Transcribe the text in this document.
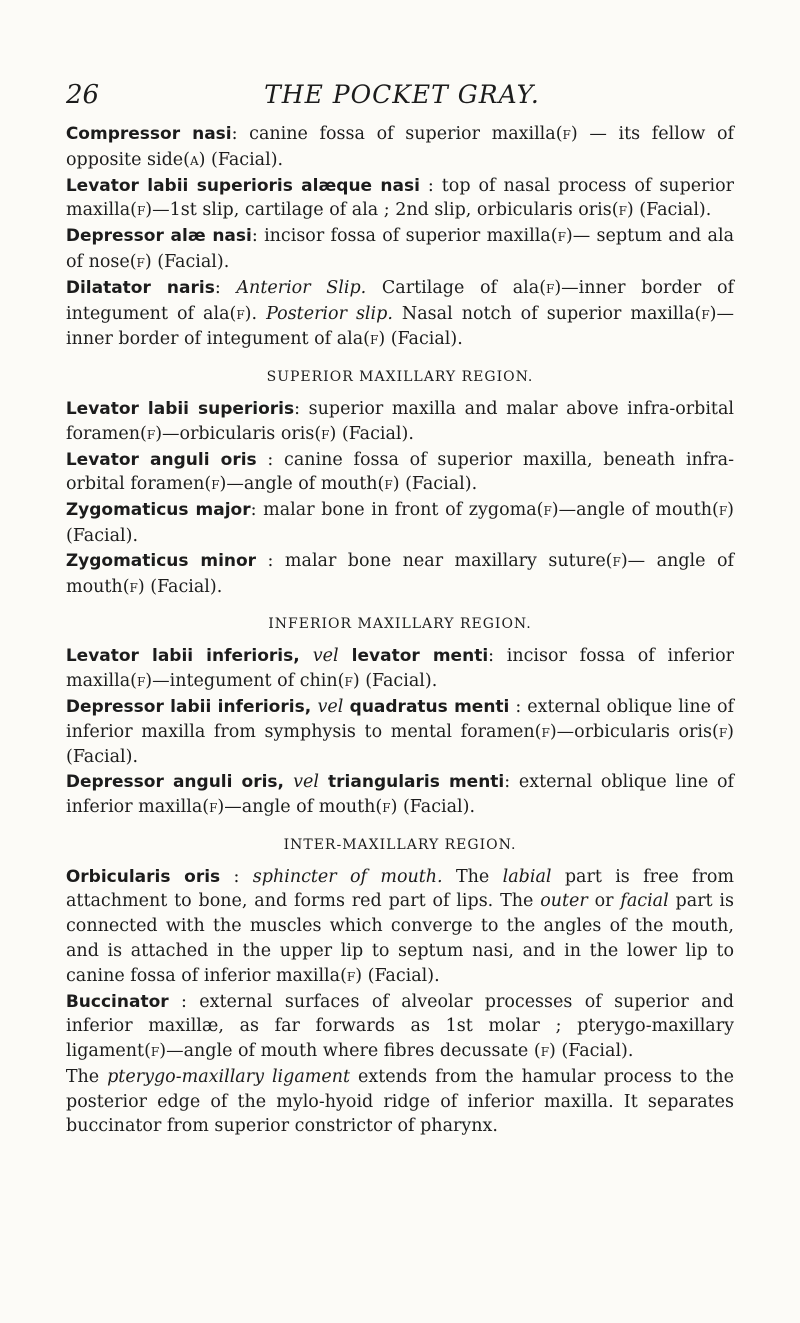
26	THE POCKET GRAY.

Compressor nasi: canine fossa of superior maxilla(F) — its fellow of opposite side(A) (Facial).

Levator labii superioris alæque nasi : top of nasal process of superior maxilla(F)—1st slip, cartilage of ala ; 2nd slip, orbicularis oris(F) (Facial).

Depressor alæ nasi: incisor fossa of superior maxilla(F)— septum and ala of nose(F) (Facial).

Dilatator naris: Anterior Slip. Cartilage of ala(F)—inner border of integument of ala(F). Posterior slip. Nasal notch of superior maxilla(F)—inner border of integument of ala(F) (Facial).

SUPERIOR MAXILLARY REGION.

Levator labii superioris: superior maxilla and malar above infra-orbital foramen(F)—orbicularis oris(F) (Facial).

Levator anguli oris : canine fossa of superior maxilla, beneath infra-orbital foramen(F)—angle of mouth(F) (Facial).

Zygomaticus major: malar bone in front of zygoma(F)—angle of mouth(F) (Facial).

Zygomaticus minor : malar bone near maxillary suture(F)— angle of mouth(F) (Facial).

INFERIOR MAXILLARY REGION.

Levator labii inferioris, vel levator menti: incisor fossa of inferior maxilla(F)—integument of chin(F) (Facial).

Depressor labii inferioris, vel quadratus menti : external oblique line of inferior maxilla from symphysis to mental foramen(F)—orbicularis oris(F) (Facial).

Depressor anguli oris, vel triangularis menti: external oblique line of inferior maxilla(F)—angle of mouth(F) (Facial).

INTER-MAXILLARY REGION.

Orbicularis oris : sphincter of mouth. The labial part is free from attachment to bone, and forms red part of lips. The outer or facial part is connected with the muscles which converge to the angles of the mouth, and is attached in the upper lip to septum nasi, and in the lower lip to canine fossa of inferior maxilla(F) (Facial).

Buccinator : external surfaces of alveolar processes of superior and inferior maxillæ, as far forwards as 1st molar ; pterygo-maxillary ligament(F)—angle of mouth where fibres decussate (F) (Facial).

The pterygo-maxillary ligament extends from the hamular process to the posterior edge of the mylo-hyoid ridge of inferior maxilla. It separates buccinator from superior constrictor of pharynx.
